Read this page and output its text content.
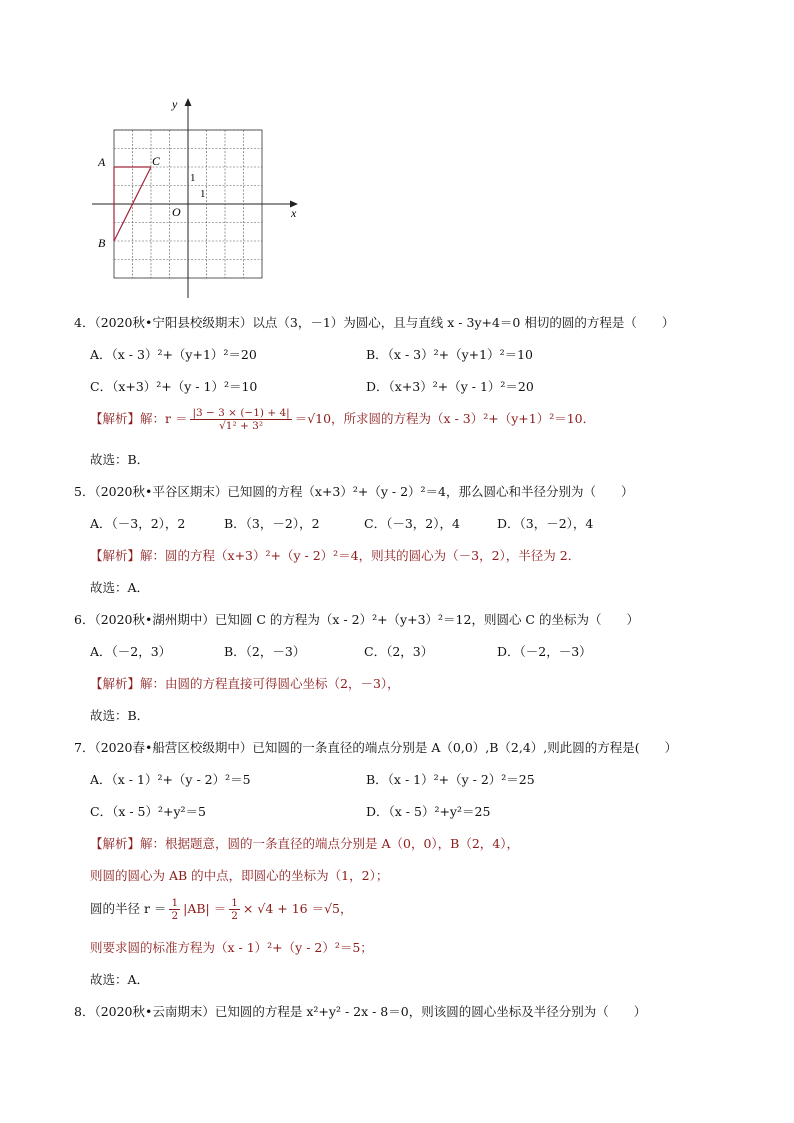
y
x
O
1
1
A
B
C
4．（2020秋•宁阳县校级期末）以点（3，－1）为圆心，且与直线 x - 3y+4＝0 相切的圆的方程是（　　）
A．（x - 3）²+（y+1）²＝20	B．（x - 3）²+（y+1）²＝10
C．（x+3）²+（y - 1）²＝10	D．（x+3）²+（y - 1）²＝20
【解析】解：$r = \frac{|3 - 3 \times (-1) + 4|}{\text{√1² + 3²}} =√10$，所求圆的方程为（x - 3）²+（y+1）²＝10．
故选：B．
5．（2020秋•平谷区期末）已知圆的方程（x+3）²+（y - 2）²＝4，那么圆心和半径分别为（　　）
A．（－3，2），2	B．（3，－2），2	C．（－3，2），4	D．（3，－2），4
【解析】解：圆的方程（x+3）²+（y - 2）²＝4，则其的圆心为（－3，2），半径为 2．
故选：A．
6．（2020秋•湖州期中）已知圆 C 的方程为（x - 2）²+（y+3）²＝12，则圆心 C 的坐标为（　　）
A．（－2，3）	B．（2，－3）	C．（2，3）	D．（－2，－3）
【解析】解：由圆的方程直接可得圆心坐标（2，－3），
故选：B．
7．（2020春•船营区校级期中）已知圆的一条直径的端点分别是 A（0,0）,B（2,4）,则此圆的方程是(　　）
A．（x - 1）²+（y - 2）²＝5	B．（x - 1）²+（y - 2）²＝25
C．（x - 5）²+y²＝5	D．（x - 5）²+y²＝25
【解析】解：根据题意，圆的一条直径的端点分别是 A（0，0），B（2，4），
则圆的圆心为 AB 的中点，即圆心的坐标为（1，2）；
圆的半径 $r = \frac{1}{2} |AB| = \frac{1}{2} \times √4 + 16 =√5$，
则要求圆的标准方程为（x - 1）²+（y - 2）²＝5；
故选：A．
8．（2020秋•云南期末）已知圆的方程是 x²+y² - 2x - 8＝0，则该圆的圆心坐标及半径分别为（　　）
